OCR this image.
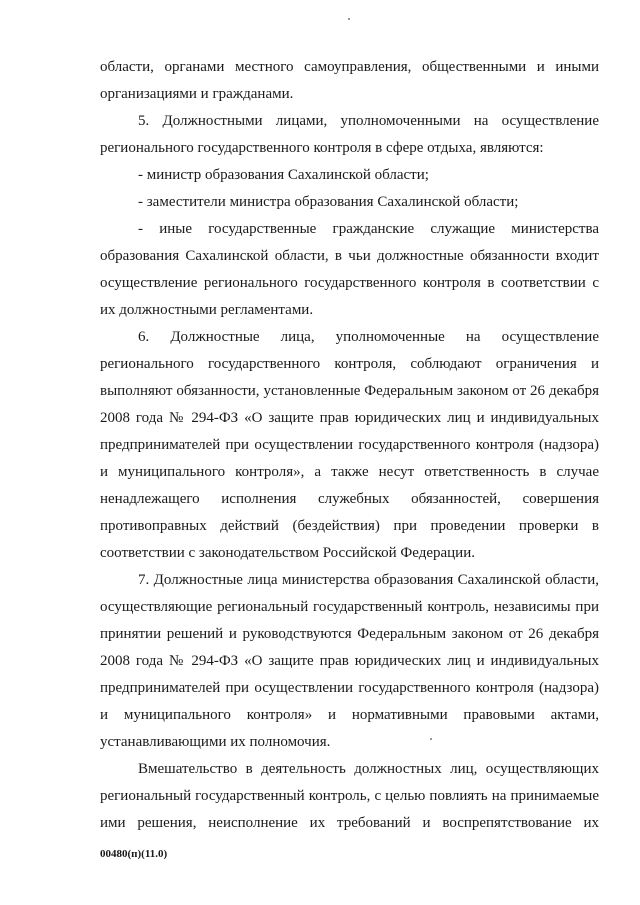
области, органами местного самоуправления, общественными и иными
организациями и гражданами.
5. Должностными лицами, уполномоченными на осуществление
регионального государственного контроля в сфере отдыха, являются:
- министр образования Сахалинской области;
- заместители министра образования Сахалинской области;
- иные государственные гражданские служащие министерства
образования Сахалинской области, в чьи должностные обязанности входит
осуществление регионального государственного контроля в соответствии с
их должностными регламентами.
6. Должностные лица, уполномоченные на осуществление
регионального государственного контроля, соблюдают ограничения и
выполняют обязанности, установленные Федеральным законом от 26 декабря
2008 года № 294-ФЗ «О защите прав юридических лиц и индивидуальных
предпринимателей при осуществлении государственного контроля (надзора)
и муниципального контроля», а также несут ответственность в случае
ненадлежащего исполнения служебных обязанностей, совершения
противоправных действий (бездействия) при проведении проверки в
соответствии с законодательством Российской Федерации.
7. Должностные лица министерства образования Сахалинской области,
осуществляющие региональный государственный контроль, независимы при
принятии решений и руководствуются Федеральным законом от 26 декабря
2008 года № 294-ФЗ «О защите прав юридических лиц и индивидуальных
предпринимателей при осуществлении государственного контроля (надзора)
и муниципального контроля» и нормативными правовыми актами,
устанавливающими их полномочия.
Вмешательство в деятельность должностных лиц, осуществляющих
региональный государственный контроль, с целью повлиять на принимаемые
ими решения, неисполнение их требований и воспрепятствование их
00480(п)(11.0)
